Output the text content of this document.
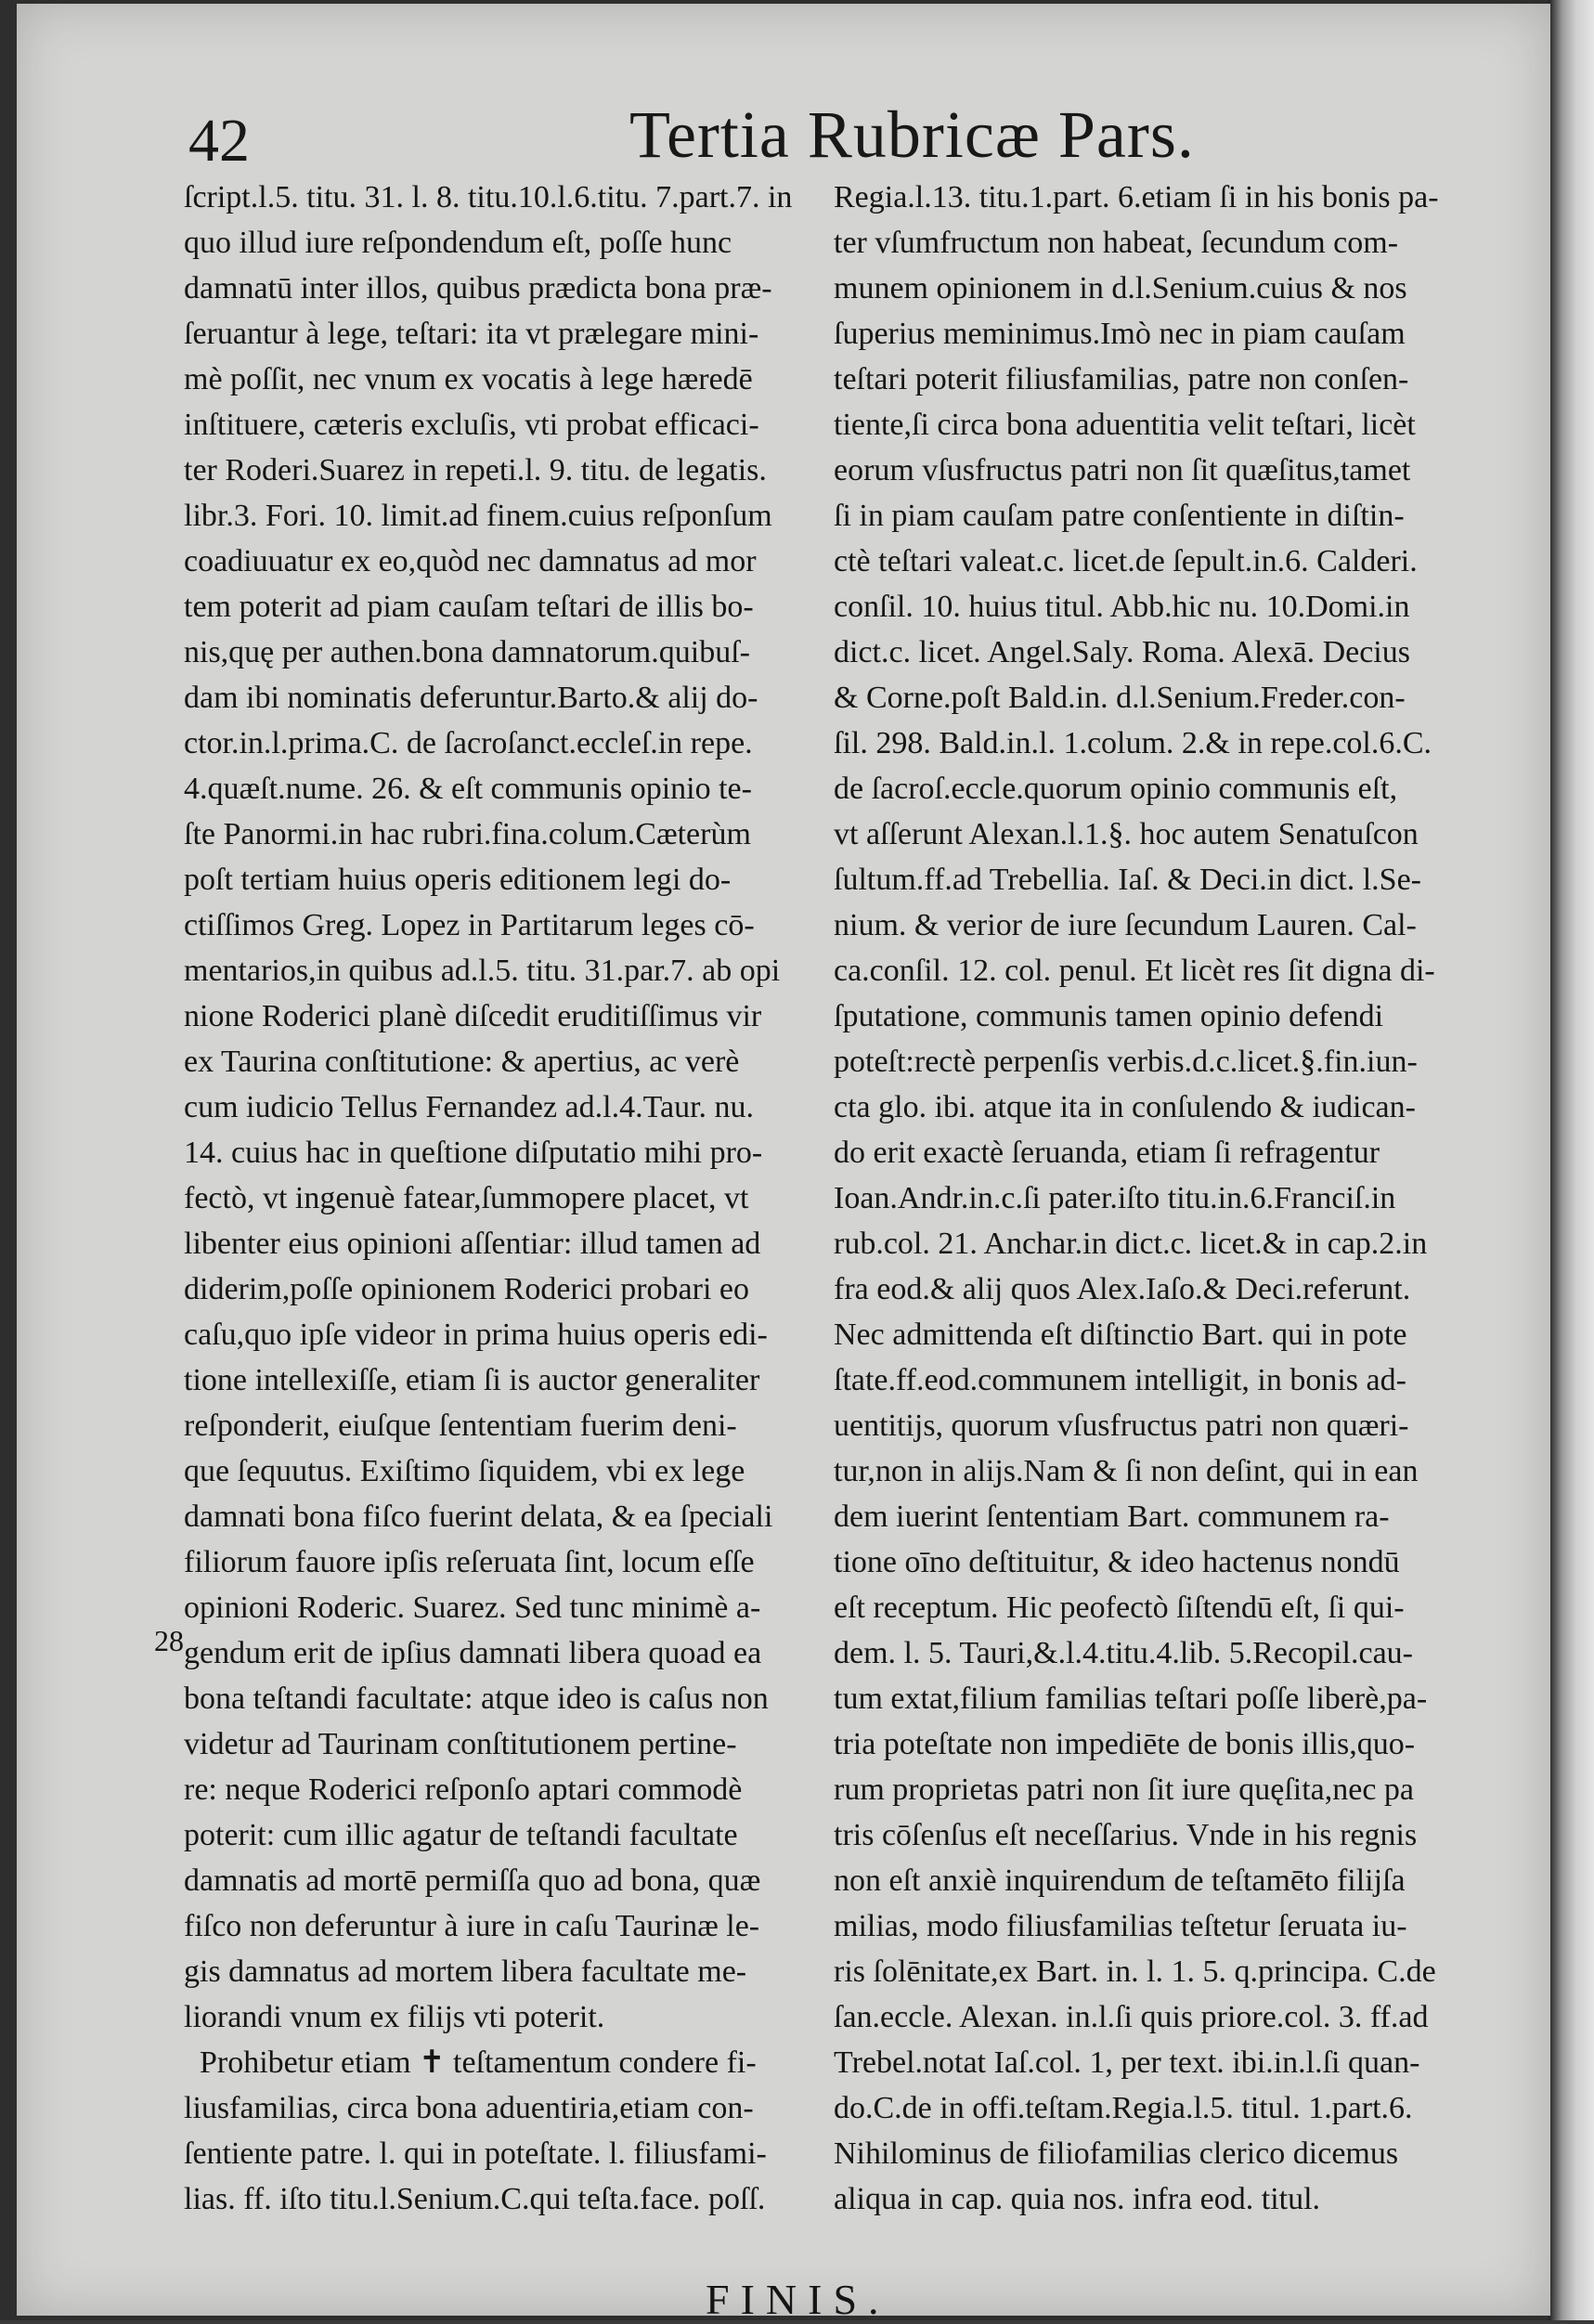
42	Tertia Rubricæ Pars.
ſcript.l.5. titu. 31. l. 8. titu.10.l.6.titu. 7.part.7. in
quo illud iure reſpondendum eſt, poſſe hunc
damnatū inter illos, quibus prædicta bona præ-
ſeruantur à lege, teſtari: ita vt prælegare mini-
mè poſſit, nec vnum ex vocatis à lege hæredē
inſtituere, cæteris excluſis, vti probat efficaci-
ter Roderi.Suarez in repeti.l. 9. titu. de legatis.
libr.3. Fori. 10. limit.ad finem.cuius reſponſum
coadiuuatur ex eo,quòd nec damnatus ad mor
tem poterit ad piam cauſam teſtari de illis bo-
nis,quę per authen.bona damnatorum.quibuſ-
dam ibi nominatis deferuntur.Barto.& alij do-
ctor.in.l.prima.C. de ſacroſanct.eccleſ.in repe.
4.quæſt.nume. 26. & eſt communis opinio te-
ſte Panormi.in hac rubri.fina.colum.Cæterùm
poſt tertiam huius operis editionem legi do-
ctiſſimos Greg. Lopez in Partitarum leges cō-
mentarios,in quibus ad.l.5. titu. 31.par.7. ab opi
nione Roderici planè diſcedit eruditiſſimus vir
ex Taurina conſtitutione: & apertius, ac verè
cum iudicio Tellus Fernandez ad.l.4.Taur. nu.
14. cuius hac in queſtione diſputatio mihi pro-
fectò, vt ingenuè fatear,ſummopere placet, vt
libenter eius opinioni aſſentiar: illud tamen ad
diderim,poſſe opinionem Roderici probari eo
caſu,quo ipſe videor in prima huius operis edi-
tione intellexiſſe, etiam ſi is auctor generaliter
reſponderit, eiuſque ſententiam fuerim deni-
que ſequutus. Exiſtimo ſiquidem, vbi ex lege
damnati bona fiſco fuerint delata, & ea ſpeciali
filiorum fauore ipſis reſeruata ſint, locum eſſe
opinioni Roderic. Suarez. Sed tunc minimè a-
gendum erit de ipſius damnati libera quoad ea
bona teſtandi facultate: atque ideo is caſus non
videtur ad Taurinam conſtitutionem pertine-
re: neque Roderici reſponſo aptari commodè
poterit: cum illic agatur de teſtandi facultate
damnatis ad mortē permiſſa quo ad bona, quæ
fiſco non deferuntur à iure in caſu Taurinæ le-
gis damnatus ad mortem libera facultate me-
liorandi vnum ex filijs vti poterit.
Prohibetur etiam ✝ teſtamentum condere fi-
liusfamilias, circa bona aduentiria,etiam con-
ſentiente patre. l. qui in poteſtate. l. filiusfami-
lias. ff. iſto titu.l.Senium.C.qui teſta.face. poſſ.
Regia.l.13. titu.1.part. 6.etiam ſi in his bonis pa-
ter vſumfructum non habeat, ſecundum com-
munem opinionem in d.l.Senium.cuius & nos
ſuperius meminimus.Imò nec in piam cauſam
teſtari poterit filiusfamilias, patre non conſen-
tiente,ſi circa bona aduentitia velit teſtari, licèt
eorum vſusfructus patri non ſit quæſitus,tamet
ſi in piam cauſam patre conſentiente in diſtin-
ctè teſtari valeat.c. licet.de ſepult.in.6. Calderi.
conſil. 10. huius titul. Abb.hic nu. 10.Domi.in
dict.c. licet. Angel.Saly. Roma. Alexā. Decius
& Corne.poſt Bald.in. d.l.Senium.Freder.con-
ſil. 298. Bald.in.l. 1.colum. 2.& in repe.col.6.C.
de ſacroſ.eccle.quorum opinio communis eſt,
vt aſſerunt Alexan.l.1.§. hoc autem Senatuſcon
ſultum.ff.ad Trebellia. Iaſ. & Deci.in dict. l.Se-
nium. & verior de iure ſecundum Lauren. Cal-
ca.conſil. 12. col. penul. Et licèt res ſit digna di-
ſputatione, communis tamen opinio defendi
poteſt:rectè perpenſis verbis.d.c.licet.§.fin.iun-
cta glo. ibi. atque ita in conſulendo & iudican-
do erit exactè ſeruanda, etiam ſi refragentur
Ioan.Andr.in.c.ſi pater.iſto titu.in.6.Franciſ.in
rub.col. 21. Anchar.in dict.c. licet.& in cap.2.in
fra eod.& alij quos Alex.Iaſo.& Deci.referunt.
Nec admittenda eſt diſtinctio Bart. qui in pote
ſtate.ff.eod.communem intelligit, in bonis ad-
uentitijs, quorum vſusfructus patri non quæri-
tur,non in alijs.Nam & ſi non deſint, qui in ean
dem iuerint ſententiam Bart. communem ra-
tione oīno deſtituitur, & ideo hactenus nondū
eſt receptum. Hic peofectò ſiſtendū eſt, ſi qui-
dem. l. 5. Tauri,&.l.4.titu.4.lib. 5.Recopil.cau-
tum extat,filium familias teſtari poſſe liberè,pa-
tria poteſtate non impediēte de bonis illis,quo-
rum proprietas patri non ſit iure quęſita,nec pa
tris cōſenſus eſt neceſſarius. Vnde in his regnis
non eſt anxiè inquirendum de teſtamēto filijſa
milias, modo filiusfamilias teſtetur ſeruata iu-
ris ſolēnitate,ex Bart. in. l. 1. 5. q.principa. C.de
ſan.eccle. Alexan. in.l.ſi quis priore.col. 3. ff.ad
Trebel.notat Iaſ.col. 1, per text. ibi.in.l.ſi quan-
do.C.de in offi.teſtam.Regia.l.5. titul. 1.part.6.
Nihilominus de filiofamilias clerico dicemus
aliqua in cap. quia nos. infra eod. titul.
28
FINIS.
